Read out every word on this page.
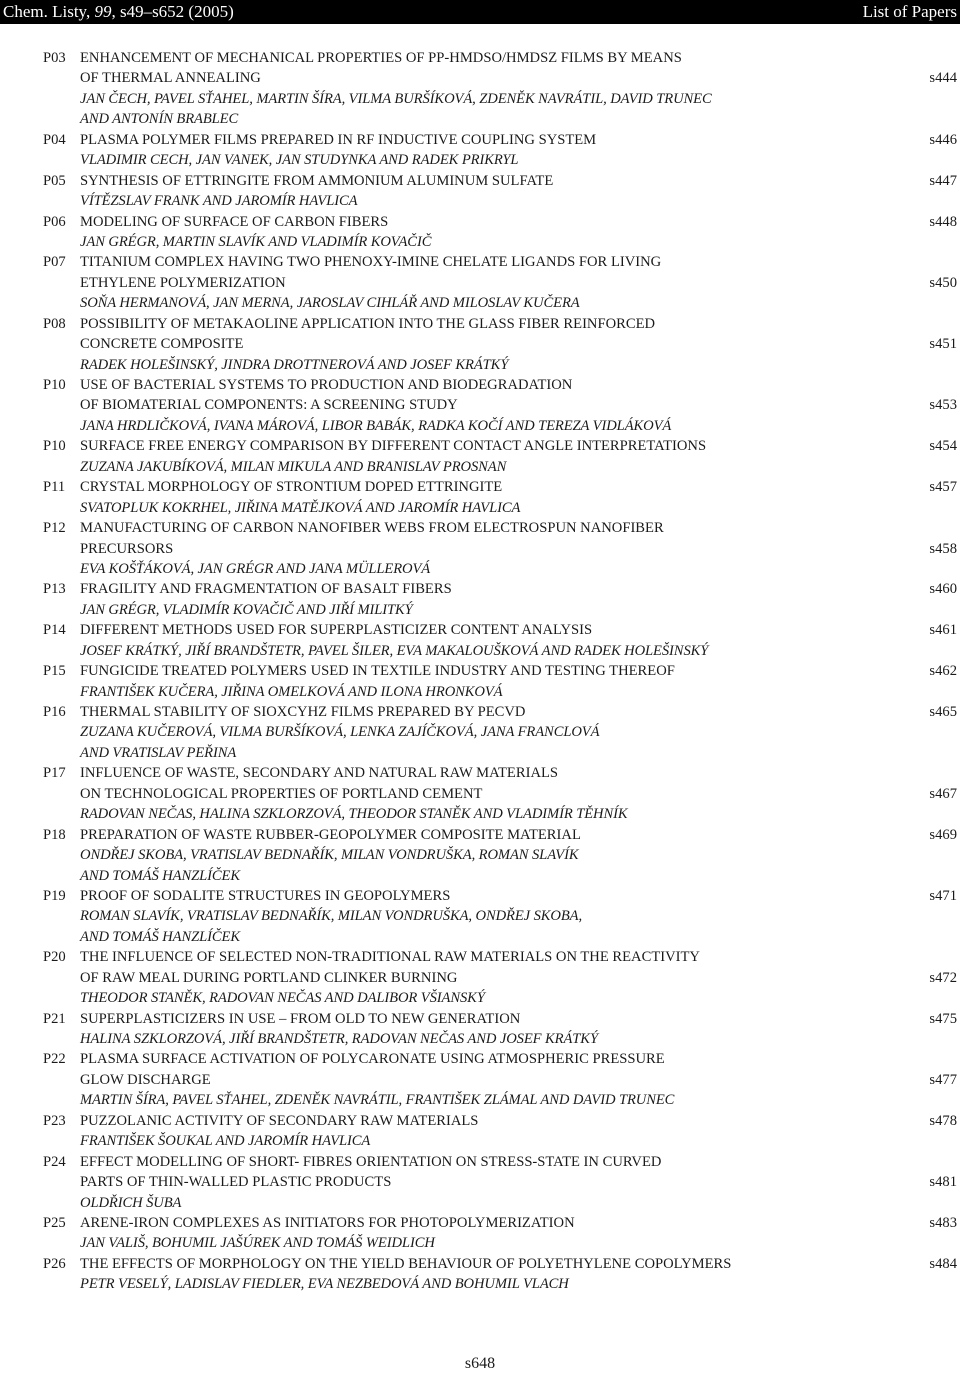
Chem. Listy, 99, s49–s652 (2005)	List of Papers
P03 ENHANCEMENT OF MECHANICAL PROPERTIES OF PP-HMDSO/HMDSZ FILMS BY MEANS
OF THERMAL ANNEALING	s444
JAN ČECH, PAVEL SŤAHEL, MARTIN ŠÍRA, VILMA BURŠÍKOVÁ, ZDENĚK NAVRÁTIL, DAVID TRUNEC
AND ANTONÍN BRABLEC
P04 PLASMA POLYMER FILMS PREPARED IN RF INDUCTIVE COUPLING SYSTEM	s446
VLADIMIR CECH, JAN VANEK, JAN STUDYNKA AND RADEK PRIKRYL
P05 SYNTHESIS OF ETTRINGITE FROM AMMONIUM ALUMINUM SULFATE	s447
VÍTĚZSLAV FRANK AND JAROMÍR HAVLICA
P06 MODELING OF SURFACE OF CARBON FIBERS	s448
JAN GRÉGR, MARTIN SLAVÍK AND VLADIMÍR KOVAČIČ
P07 TITANIUM COMPLEX HAVING TWO PHENOXY-IMINE CHELATE LIGANDS FOR LIVING
ETHYLENE POLYMERIZATION	s450
SOŇA HERMANOVÁ, JAN MERNA, JAROSLAV CIHLÁŘ AND MILOSLAV KUČERA
P08 POSSIBILITY OF METAKAOLINE APPLICATION INTO THE GLASS FIBER REINFORCED
CONCRETE COMPOSITE	s451
RADEK HOLEŠINSKÝ, JINDRA DROTTNEROVÁ AND JOSEF KRÁTKÝ
P10 USE OF BACTERIAL SYSTEMS TO PRODUCTION AND BIODEGRADATION
OF BIOMATERIAL COMPONENTS: A SCREENING STUDY	s453
JANA HRDLIČKOVÁ, IVANA MÁROVÁ, LIBOR BABÁK, RADKA KOČÍ AND TEREZA VIDLÁKOVÁ
P10 SURFACE FREE ENERGY COMPARISON BY DIFFERENT CONTACT ANGLE INTERPRETATIONS	s454
ZUZANA JAKUBÍKOVÁ, MILAN MIKULA AND BRANISLAV PROSNAN
P11 CRYSTAL MORPHOLOGY OF STRONTIUM DOPED ETTRINGITE	s457
SVATOPLUK KOKRHEL, JIŘINA MATĚJKOVÁ AND JAROMÍR HAVLICA
P12 MANUFACTURING OF CARBON NANOFIBER WEBS FROM ELECTROSPUN NANOFIBER
PRECURSORS	s458
EVA KOŠŤÁKOVÁ, JAN GRÉGR AND JANA MÜLLEROVÁ
P13 FRAGILITY AND FRAGMENTATION OF BASALT FIBERS	s460
JAN GRÉGR, VLADIMÍR KOVAČIČ AND JIŘÍ MILITKÝ
P14 DIFFERENT METHODS USED FOR SUPERPLASTICIZER CONTENT ANALYSIS	s461
JOSEF KRÁTKÝ, JIŘÍ BRANDŠTETR, PAVEL ŠILER, EVA MAKALOUŠKOVÁ AND RADEK HOLEŠINSKÝ
P15 FUNGICIDE TREATED POLYMERS USED IN TEXTILE INDUSTRY AND TESTING THEREOF	s462
FRANTIŠEK KUČERA, JIŘINA OMELKOVÁ AND ILONA HRONKOVÁ
P16 THERMAL STABILITY OF SIOXCYHZ FILMS PREPARED BY PECVD	s465
ZUZANA KUČEROVÁ, VILMA BURŠÍKOVÁ, LENKA ZAJÍČKOVÁ, JANA FRANCLOVÁ
AND VRATISLAV PEŘINA
P17 INFLUENCE OF WASTE, SECONDARY AND NATURAL RAW MATERIALS
ON TECHNOLOGICAL PROPERTIES OF PORTLAND CEMENT	s467
RADOVAN NEČAS, HALINA SZKLORZOVÁ, THEODOR STANĚK AND VLADIMÍR TĚHNÍK
P18 PREPARATION OF WASTE RUBBER-GEOPOLYMER COMPOSITE MATERIAL	s469
ONDŘEJ SKOBA, VRATISLAV BEDNAŘÍK, MILAN VONDRUŠKA, ROMAN SLAVÍK
AND TOMÁŠ HANZLÍČEK
P19 PROOF OF SODALITE STRUCTURES IN GEOPOLYMERS	s471
ROMAN SLAVÍK, VRATISLAV BEDNAŘÍK, MILAN VONDRUŠKA, ONDŘEJ SKOBA,
AND TOMÁŠ HANZLÍČEK
P20 THE INFLUENCE OF SELECTED NON-TRADITIONAL RAW MATERIALS ON THE REACTIVITY
OF RAW MEAL DURING PORTLAND CLINKER BURNING	s472
THEODOR STANĚK, RADOVAN NEČAS AND DALIBOR VŠIANSKÝ
P21 SUPERPLASTICIZERS IN USE – FROM OLD TO NEW GENERATION	s475
HALINA SZKLORZOVÁ, JIŘÍ BRANDŠTETR, RADOVAN NEČAS AND JOSEF KRÁTKÝ
P22 PLASMA SURFACE ACTIVATION OF POLYCARONATE USING ATMOSPHERIC PRESSURE
GLOW DISCHARGE	s477
MARTIN ŠÍRA, PAVEL SŤAHEL, ZDENĚK NAVRÁTIL, FRANTIŠEK ZLÁMAL AND DAVID TRUNEC
P23 PUZZOLANIC ACTIVITY OF SECONDARY RAW MATERIALS	s478
FRANTIŠEK ŠOUKAL AND JAROMÍR HAVLICA
P24 EFFECT MODELLING OF SHORT- FIBRES ORIENTATION ON STRESS-STATE IN CURVED
PARTS OF THIN-WALLED PLASTIC PRODUCTS	s481
OLDŘICH ŠUBA
P25 ARENE-IRON COMPLEXES AS INITIATORS FOR PHOTOPOLYMERIZATION	s483
JAN VALIŠ, BOHUMIL JAŠÚREK AND TOMÁŠ WEIDLICH
P26 THE EFFECTS OF MORPHOLOGY ON THE YIELD BEHAVIOUR OF POLYETHYLENE COPOLYMERS	s484
PETR VESELÝ, LADISLAV FIEDLER, EVA NEZBEDOVÁ AND BOHUMIL VLACH
s648
